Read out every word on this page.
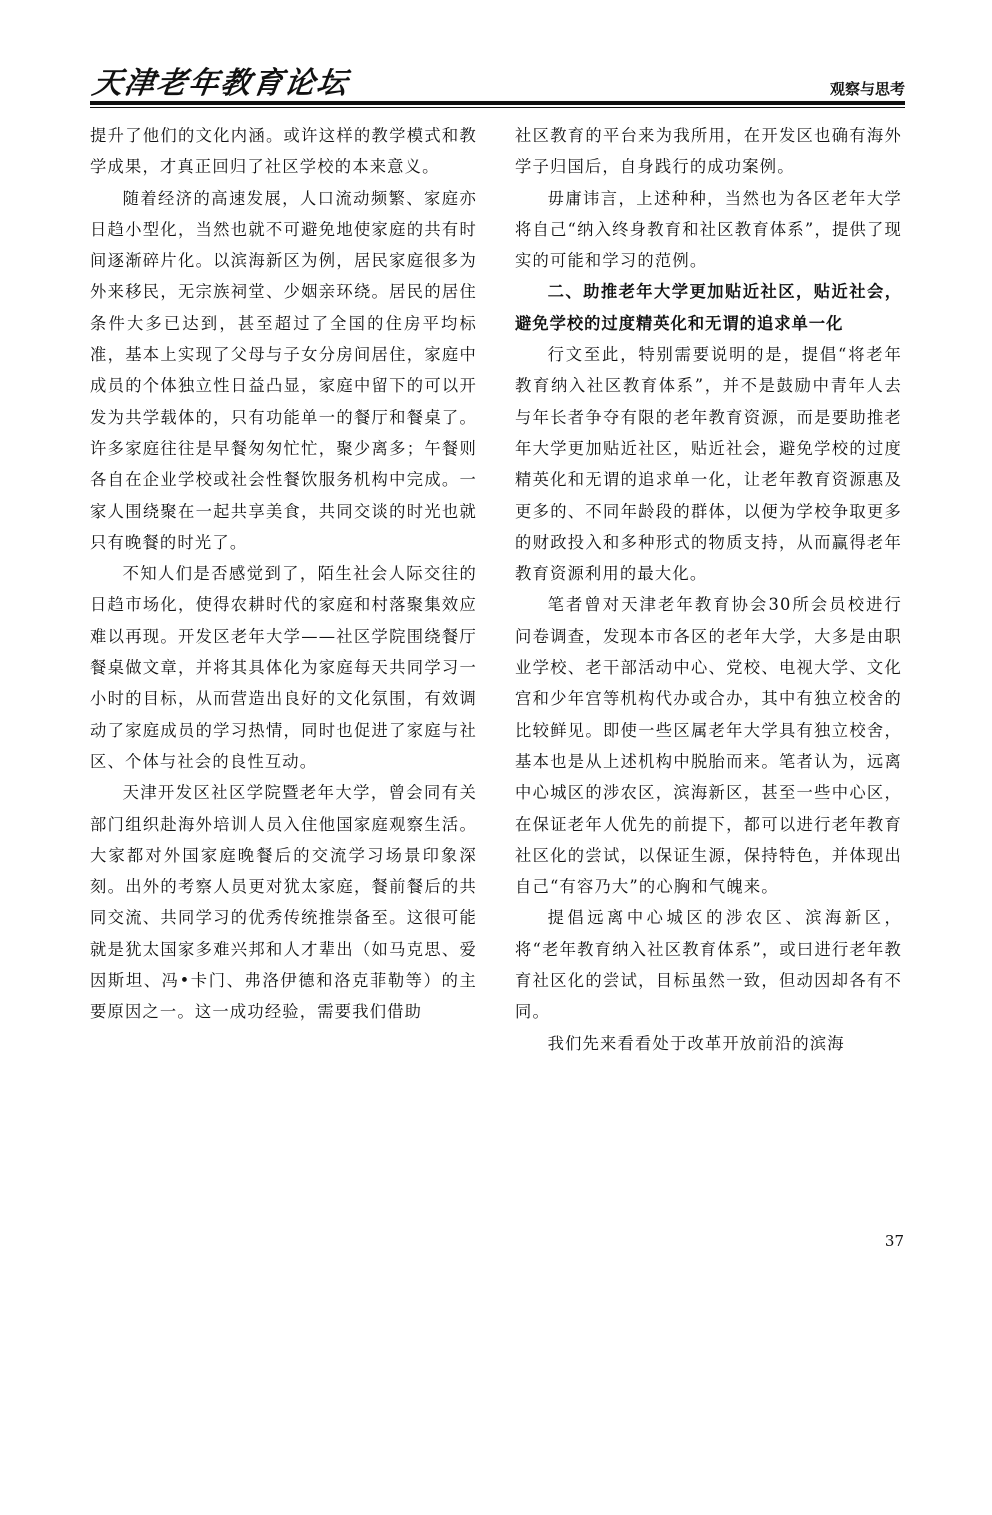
天津老年教育论坛	观察与思考

提升了他们的文化内涵。或许这样的教学模式和教学成果，才真正回归了社区学校的本来意义。

随着经济的高速发展，人口流动频繁、家庭亦日趋小型化，当然也就不可避免地使家庭的共有时间逐渐碎片化。以滨海新区为例，居民家庭很多为外来移民，无宗族祠堂、少姻亲环绕。居民的居住条件大多已达到，甚至超过了全国的住房平均标准，基本上实现了父母与子女分房间居住，家庭中成员的个体独立性日益凸显，家庭中留下的可以开发为共学载体的，只有功能单一的餐厅和餐桌了。许多家庭往往是早餐匆匆忙忙，聚少离多；午餐则各自在企业学校或社会性餐饮服务机构中完成。一家人围绕聚在一起共享美食，共同交谈的时光也就只有晚餐的时光了。

不知人们是否感觉到了，陌生社会人际交往的日趋市场化，使得农耕时代的家庭和村落聚集效应难以再现。开发区老年大学——社区学院围绕餐厅餐桌做文章，并将其具体化为家庭每天共同学习一小时的目标，从而营造出良好的文化氛围，有效调动了家庭成员的学习热情，同时也促进了家庭与社区、个体与社会的良性互动。

天津开发区社区学院暨老年大学，曾会同有关部门组织赴海外培训人员入住他国家庭观察生活。大家都对外国家庭晚餐后的交流学习场景印象深刻。出外的考察人员更对犹太家庭，餐前餐后的共同交流、共同学习的优秀传统推崇备至。这很可能就是犹太国家多难兴邦和人才辈出（如马克思、爱因斯坦、冯•卡门、弗洛伊德和洛克菲勒等）的主要原因之一。这一成功经验，需要我们借助

社区教育的平台来为我所用，在开发区也确有海外学子归国后，自身践行的成功案例。

毋庸讳言，上述种种，当然也为各区老年大学将自己“纳入终身教育和社区教育体系”，提供了现实的可能和学习的范例。

二、助推老年大学更加贴近社区，贴近社会，避免学校的过度精英化和无谓的追求单一化

行文至此，特别需要说明的是，提倡“将老年教育纳入社区教育体系”，并不是鼓励中青年人去与年长者争夺有限的老年教育资源，而是要助推老年大学更加贴近社区，贴近社会，避免学校的过度精英化和无谓的追求单一化，让老年教育资源惠及更多的、不同年龄段的群体，以便为学校争取更多的财政投入和多种形式的物质支持，从而赢得老年教育资源利用的最大化。

笔者曾对天津老年教育协会30所会员校进行问卷调查，发现本市各区的老年大学，大多是由职业学校、老干部活动中心、党校、电视大学、文化宫和少年宫等机构代办或合办，其中有独立校舍的比较鲜见。即使一些区属老年大学具有独立校舍，基本也是从上述机构中脱胎而来。笔者认为，远离中心城区的涉农区，滨海新区，甚至一些中心区，在保证老年人优先的前提下，都可以进行老年教育社区化的尝试，以保证生源，保持特色，并体现出自己“有容乃大”的心胸和气魄来。

提倡远离中心城区的涉农区、滨海新区，将“老年教育纳入社区教育体系”，或曰进行老年教育社区化的尝试，目标虽然一致，但动因却各有不同。

我们先来看看处于改革开放前沿的滨海

37
